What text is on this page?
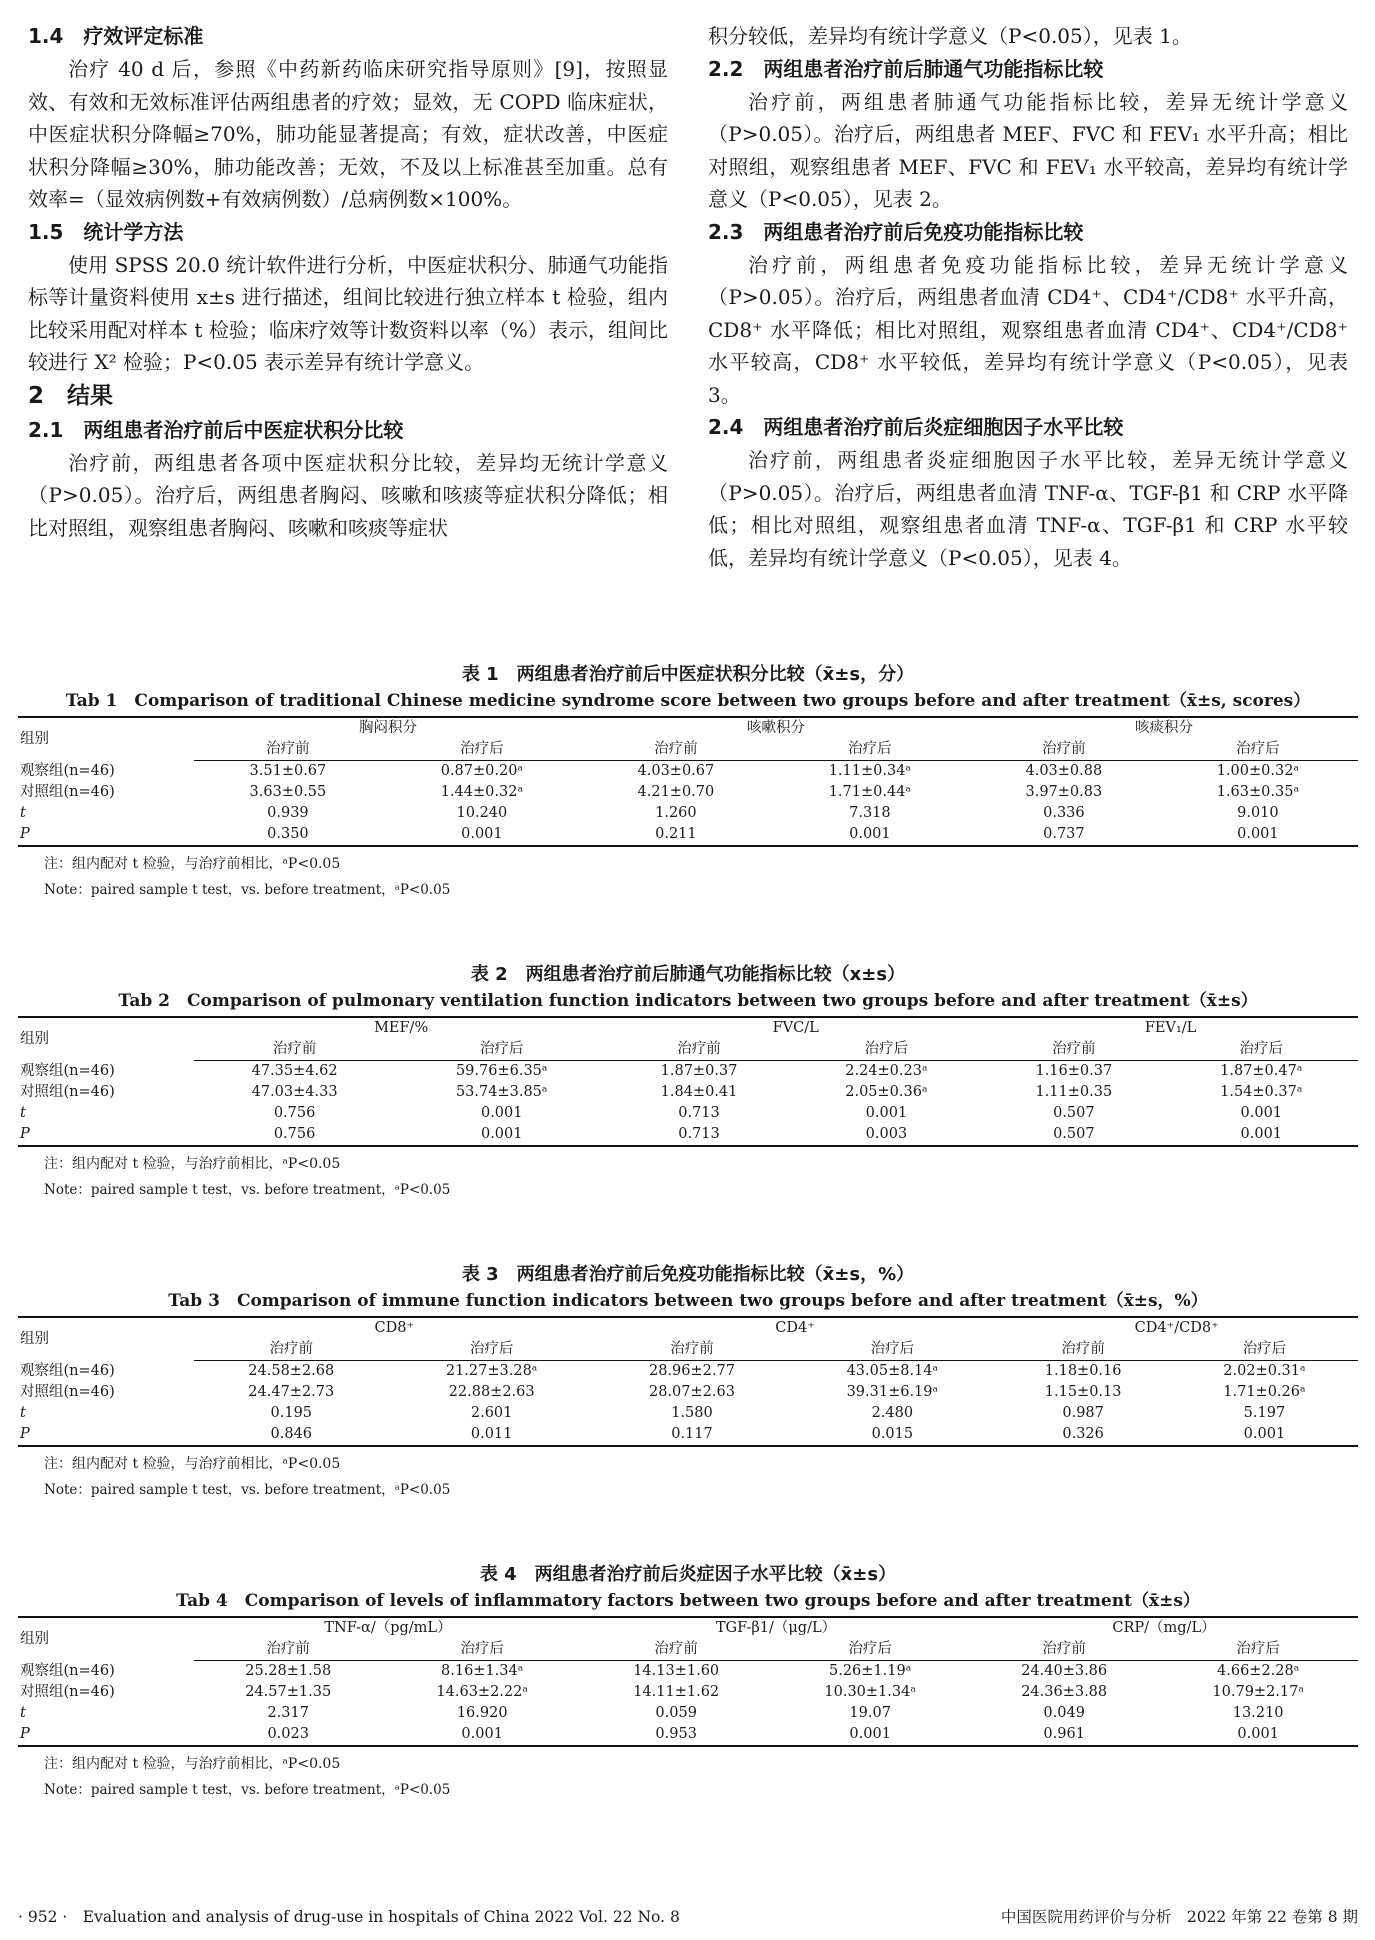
1.4　疗效评定标准

治疗 40 d 后，参照《中药新药临床研究指导原则》[9]，按照显效、有效和无效标准评估两组患者的疗效；显效，无 COPD 临床症状，中医症状积分降幅≥70%，肺功能显著提高；有效，症状改善，中医症状积分降幅≥30%，肺功能改善；无效，不及以上标准甚至加重。总有效率=（显效病例数+有效病例数）/总病例数×100%。

1.5　统计学方法

使用 SPSS 20.0 统计软件进行分析，中医症状积分、肺通气功能指标等计量资料使用 x±s 进行描述，组间比较进行独立样本 t 检验，组内比较采用配对样本 t 检验；临床疗效等计数资料以率（%）表示，组间比较进行 X² 检验；P<0.05 表示差异有统计学意义。

2　结果
2.1　两组患者治疗前后中医症状积分比较

治疗前，两组患者各项中医症状积分比较，差异均无统计学意义（P>0.05）。治疗后，两组患者胸闷、咳嗽和咳痰等症状积分降低；相比对照组，观察组患者胸闷、咳嗽和咳痰等症状

积分较低，差异均有统计学意义（P<0.05），见表 1。

2.2　两组患者治疗前后肺通气功能指标比较

治疗前，两组患者肺通气功能指标比较，差异无统计学意义（P>0.05）。治疗后，两组患者 MEF、FVC 和 FEV₁ 水平升高；相比对照组，观察组患者 MEF、FVC 和 FEV₁ 水平较高，差异均有统计学意义（P<0.05），见表 2。

2.3　两组患者治疗前后免疫功能指标比较

治疗前，两组患者免疫功能指标比较，差异无统计学意义（P>0.05）。治疗后，两组患者血清 CD4⁺、CD4⁺/CD8⁺ 水平升高，CD8⁺ 水平降低；相比对照组，观察组患者血清 CD4⁺、CD4⁺/CD8⁺ 水平较高，CD8⁺ 水平较低，差异均有统计学意义（P<0.05），见表 3。

2.4　两组患者治疗前后炎症细胞因子水平比较

治疗前，两组患者炎症细胞因子水平比较，差异无统计学意义（P>0.05）。治疗后，两组患者血清 TNF-α、TGF-β1 和 CRP 水平降低；相比对照组，观察组患者血清 TNF-α、TGF-β1 和 CRP 水平较低，差异均有统计学意义（P<0.05），见表 4。

表 1　两组患者治疗前后中医症状积分比较（x̄±s，分）

Tab 1　Comparison of traditional Chinese medicine syndrome score between two groups before and after treatment（x̄±s, scores）

组别	胸闷积分		咳嗽积分		咳痰积分	
	治疗前	治疗后	治疗前	治疗后	治疗前	治疗后
观察组(n=46)	3.51±0.67	0.87±0.20ᵃ	4.03±0.67	1.11±0.34ᵃ	4.03±0.88	1.00±0.32ᵃ
对照组(n=46)	3.63±0.55	1.44±0.32ᵃ	4.21±0.70	1.71±0.44ᵃ	3.97±0.83	1.63±0.35ᵃ
t	0.939	10.240	1.260	7.318	0.336	9.010
P	0.350	0.001	0.211	0.001	0.737	0.001

注：组内配对 t 检验，与治疗前相比，ᵃP<0.05

Note：paired sample t test，vs. before treatment，ᵃP<0.05

表 2　两组患者治疗前后肺通气功能指标比较（x±s）

Tab 2　Comparison of pulmonary ventilation function indicators between two groups before and after treatment（x̄±s）

组别	MEF/%		FVC/L		FEV₁/L	
	治疗前	治疗后	治疗前	治疗后	治疗前	治疗后
观察组(n=46)	47.35±4.62	59.76±6.35ᵃ	1.87±0.37	2.24±0.23ᵃ	1.16±0.37	1.87±0.47ᵃ
对照组(n=46)	47.03±4.33	53.74±3.85ᵃ	1.84±0.41	2.05±0.36ᵃ	1.11±0.35	1.54±0.37ᵃ
t	0.756	0.001	0.713	0.001	0.507	0.001
P	0.756	0.001	0.713	0.003	0.507	0.001

注：组内配对 t 检验，与治疗前相比，ᵃP<0.05

Note：paired sample t test，vs. before treatment，ᵃP<0.05

表 3　两组患者治疗前后免疫功能指标比较（x̄±s，%）

Tab 3　Comparison of immune function indicators between two groups before and after treatment（x̄±s，%）

组别	CD8⁺		CD4⁺		CD4⁺/CD8⁺	
	治疗前	治疗后	治疗前	治疗后	治疗前	治疗后
观察组(n=46)	24.58±2.68	21.27±3.28ᵃ	28.96±2.77	43.05±8.14ᵃ	1.18±0.16	2.02±0.31ᵃ
对照组(n=46)	24.47±2.73	22.88±2.63	28.07±2.63	39.31±6.19ᵃ	1.15±0.13	1.71±0.26ᵃ
t	0.195	2.601	1.580	2.480	0.987	5.197
P	0.846	0.011	0.117	0.015	0.326	0.001

注：组内配对 t 检验，与治疗前相比，ᵃP<0.05

Note：paired sample t test，vs. before treatment，ᵃP<0.05

表 4　两组患者治疗前后炎症因子水平比较（x̄±s）

Tab 4　Comparison of levels of inflammatory factors between two groups before and after treatment（x̄±s）

组别	TNF-α/（pg/mL）		TGF-β1/（μg/L）		CRP/（mg/L）	
	治疗前	治疗后	治疗前	治疗后	治疗前	治疗后
观察组(n=46)	25.28±1.58	8.16±1.34ᵃ	14.13±1.60	5.26±1.19ᵃ	24.40±3.86	4.66±2.28ᵃ
对照组(n=46)	24.57±1.35	14.63±2.22ᵃ	14.11±1.62	10.30±1.34ᵃ	24.36±3.88	10.79±2.17ᵃ
t	2.317	16.920	0.059	19.07	0.049	13.210
P	0.023	0.001	0.953	0.001	0.961	0.001

注：组内配对 t 检验，与治疗前相比，ᵃP<0.05

Note：paired sample t test，vs. before treatment，ᵃP<0.05

· 952 ·　Evaluation and analysis of drug-use in hospitals of China 2022 Vol. 22 No. 8	中国医院用药评价与分析　2022 年第 22 卷第 8 期
